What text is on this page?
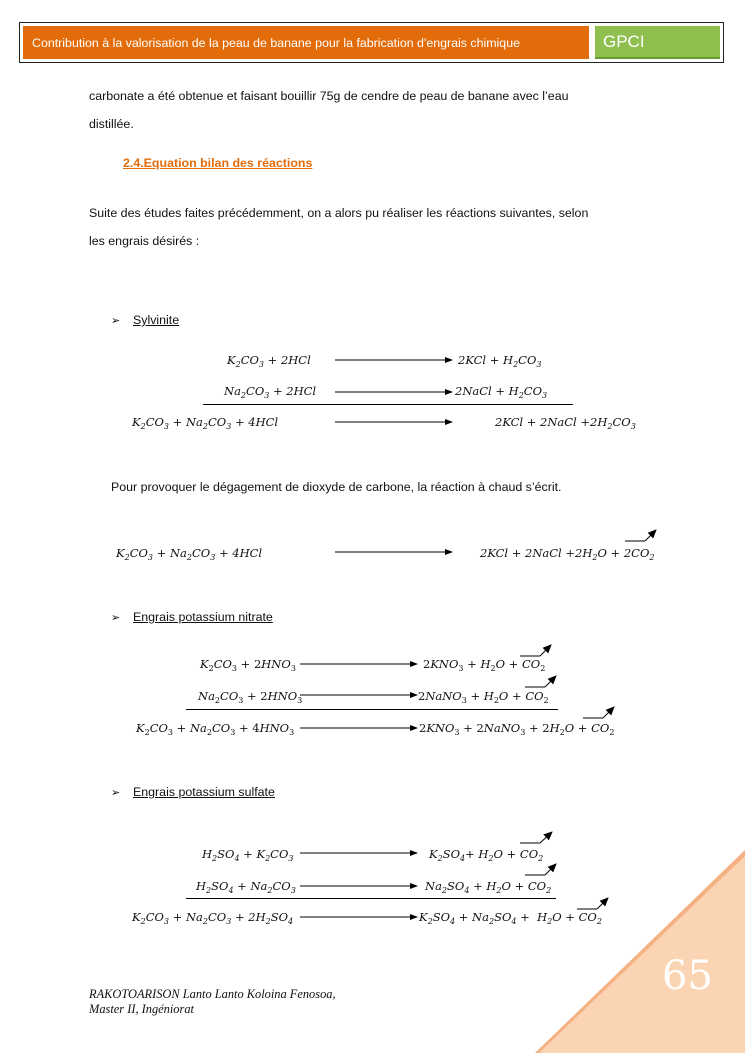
Contribution à la valorisation de la peau de banane pour la fabrication d'engrais chimique	GPCI
carbonate a été obtenue et faisant bouillir 75g de cendre de peau de banane avec l’eau
distillée.
2.4.Equation bilan des réactions
Suite des études faites précédemment, on a alors pu réaliser les réactions suivantes, selon
les engrais désirés :
➢ Sylvinite
$K_2CO_3 + 2HCl$	$2KCl + H_2CO_3$
$Na_2CO_3 + 2HCl$	2NaCl + $H_2CO_3$
$K_2CO_3 + Na_2CO_3 + 4HCl$	2KCl + 2NaCl $+2H_2CO_3$
Pour provoquer le dégagement de dioxyde de carbone, la réaction à chaud s’écrit.
$K_2CO_3 + Na_2CO_3 + 4HCl$	2KCl + 2NaCl $+2H_2O + 2CO_2$
➢ Engrais potassium nitrate
$K_2CO_3 + 2HNO_3$	$2KNO_3 + H_2O + CO_2$
$Na_2CO_3 + 2HNO_3$	2NaNO$_3$ + $H_2O + CO_2$
$K_2CO_3 + Na_2CO_3 + 4HNO_3$	$2KNO_3$ + 2NaNO$_3$ + $2H_2O + CO_2$
➢ Engrais potassium sulfate
$H_2SO_4 + K_2CO_3$	$K_2SO_4+ H_2O + CO_2$
$H_2SO_4 + Na_2CO_3$	$Na_2SO_4 + H_2O + CO_2$
$K_2CO_3 + Na_2CO_3 + 2H_2SO_4$	$K_2SO_4 + Na_2SO_4 + H_2O + CO_2$
65
RAKOTOARISON Lanto Lanto Koloina Fenosoa,
Master II, Ingéniorat
